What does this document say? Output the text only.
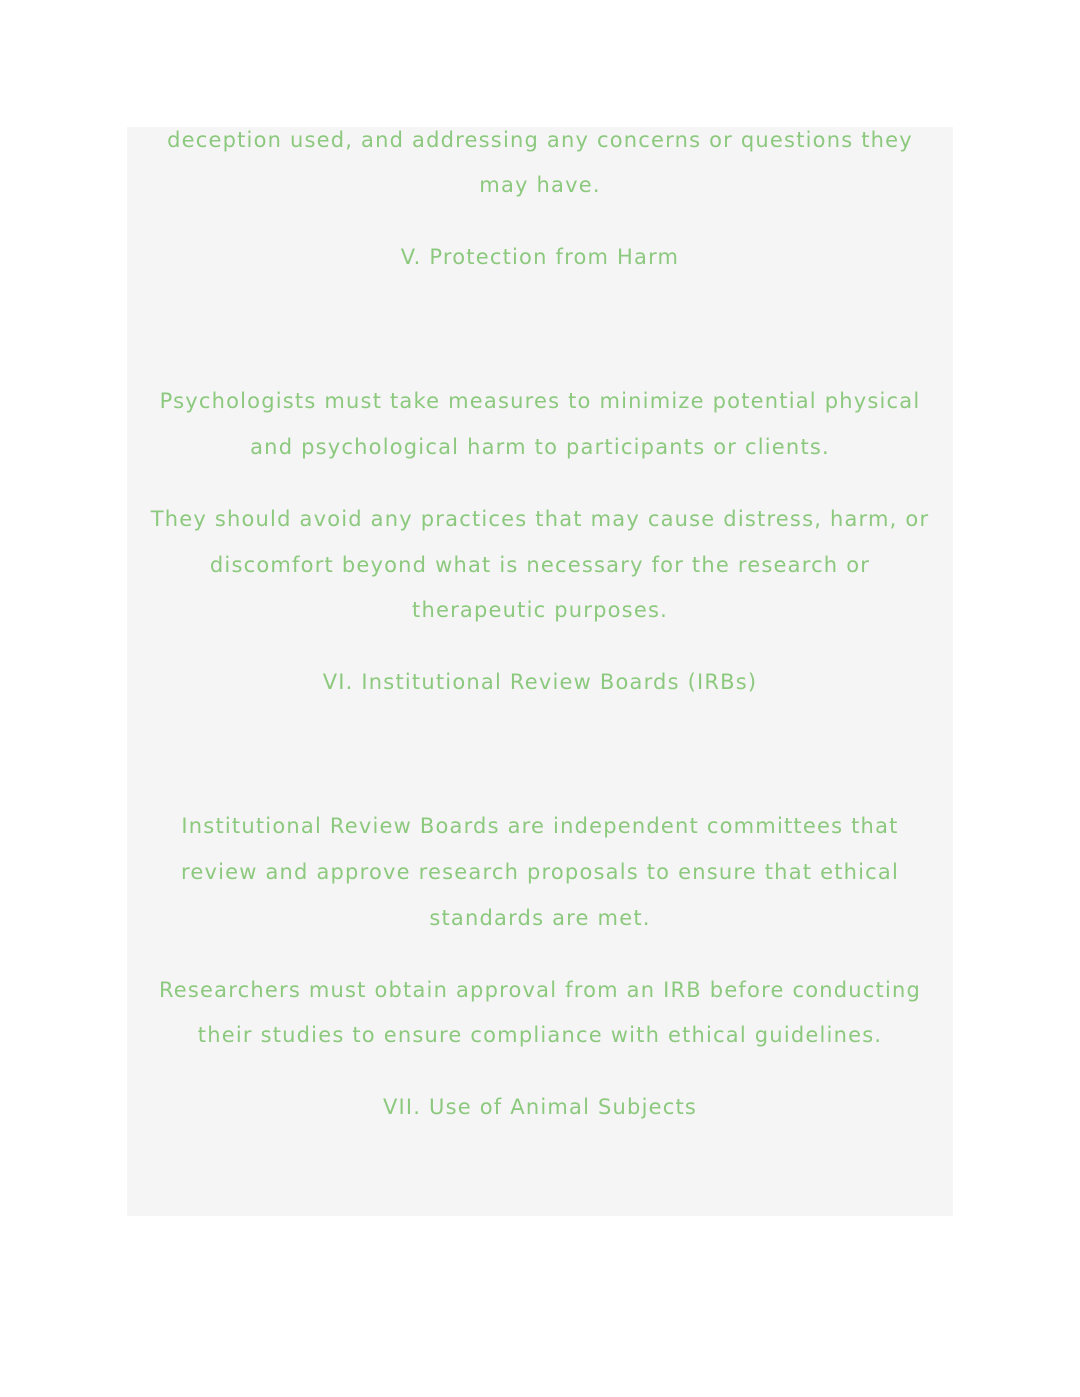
deception used, and addressing any concerns or questions they
may have.
V. Protection from Harm
Psychologists must take measures to minimize potential physical
and psychological harm to participants or clients.
They should avoid any practices that may cause distress, harm, or
discomfort beyond what is necessary for the research or
therapeutic purposes.
VI. Institutional Review Boards (IRBs)
Institutional Review Boards are independent committees that
review and approve research proposals to ensure that ethical
standards are met.
Researchers must obtain approval from an IRB before conducting
their studies to ensure compliance with ethical guidelines.
VII. Use of Animal Subjects
